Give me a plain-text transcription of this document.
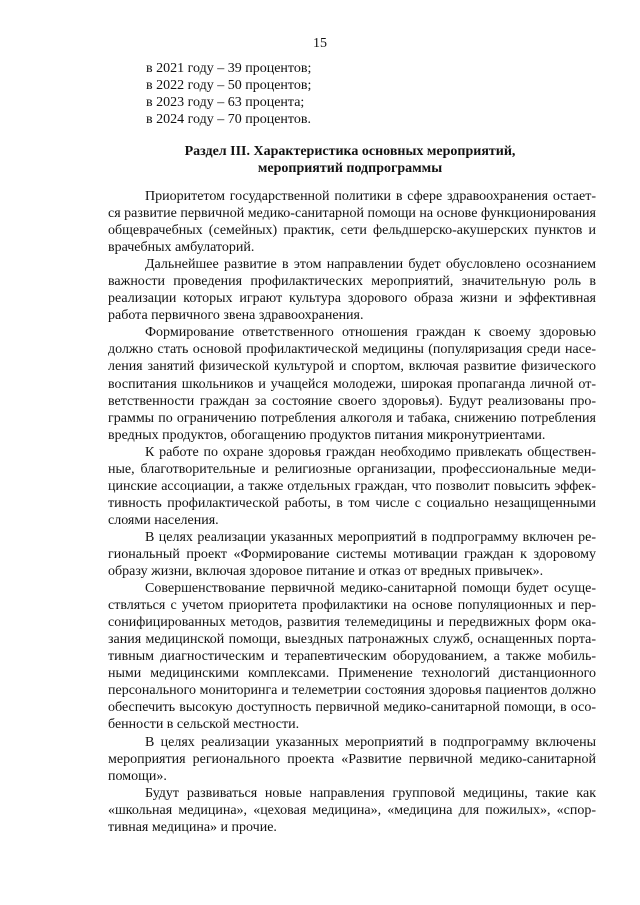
15
в 2021 году – 39 процентов;
в 2022 году – 50 процентов;
в 2023 году – 63 процента;
в 2024 году – 70 процентов.
Раздел III. Характеристика основных мероприятий,
мероприятий подпрограммы

Приоритетом государственной политики в сфере здравоохранения остается развитие первичной медико-санитарной помощи на основе функционирования общеврачебных (семейных) практик, сети фельдшерско-акушерских пунктов и врачебных амбулаторий.

Дальнейшее развитие в этом направлении будет обусловлено осознанием важности проведения профилактических мероприятий, значительную роль в реализации которых играют культура здорового образа жизни и эффективная работа первичного звена здравоохранения.

Формирование ответственного отношения граждан к своему здоровью должно стать основой профилактической медицины (популяризация среди населения занятий физической культурой и спортом, включая развитие физического воспитания школьников и учащейся молодежи, широкая пропаганда личной ответственности граждан за состояние своего здоровья). Будут реализованы программы по ограничению потребления алкоголя и табака, снижению потребления вредных продуктов, обогащению продуктов питания микронутриентами.

К работе по охране здоровья граждан необходимо привлекать общественные, благотворительные и религиозные организации, профессиональные медицинские ассоциации, а также отдельных граждан, что позволит повысить эффективность профилактической работы, в том числе с социально незащищенными слоями населения.

В целях реализации указанных мероприятий в подпрограмму включен региональный проект «Формирование системы мотивации граждан к здоровому образу жизни, включая здоровое питание и отказ от вредных привычек».

Совершенствование первичной медико-санитарной помощи будет осуществляться с учетом приоритета профилактики на основе популяционных и персонифицированных методов, развития телемедицины и передвижных форм оказания медицинской помощи, выездных патронажных служб, оснащенных портативным диагностическим и терапевтическим оборудованием, а также мобильными медицинскими комплексами. Применение технологий дистанционного персонального мониторинга и телеметрии состояния здоровья пациентов должно обеспечить высокую доступность первичной медико-санитарной помощи, в особенности в сельской местности.

В целях реализации указанных мероприятий в подпрограмму включены мероприятия регионального проекта «Развитие первичной медико-санитарной помощи».

Будут развиваться новые направления групповой медицины, такие как «школьная медицина», «цеховая медицина», «медицина для пожилых», «спортивная медицина» и прочие.
